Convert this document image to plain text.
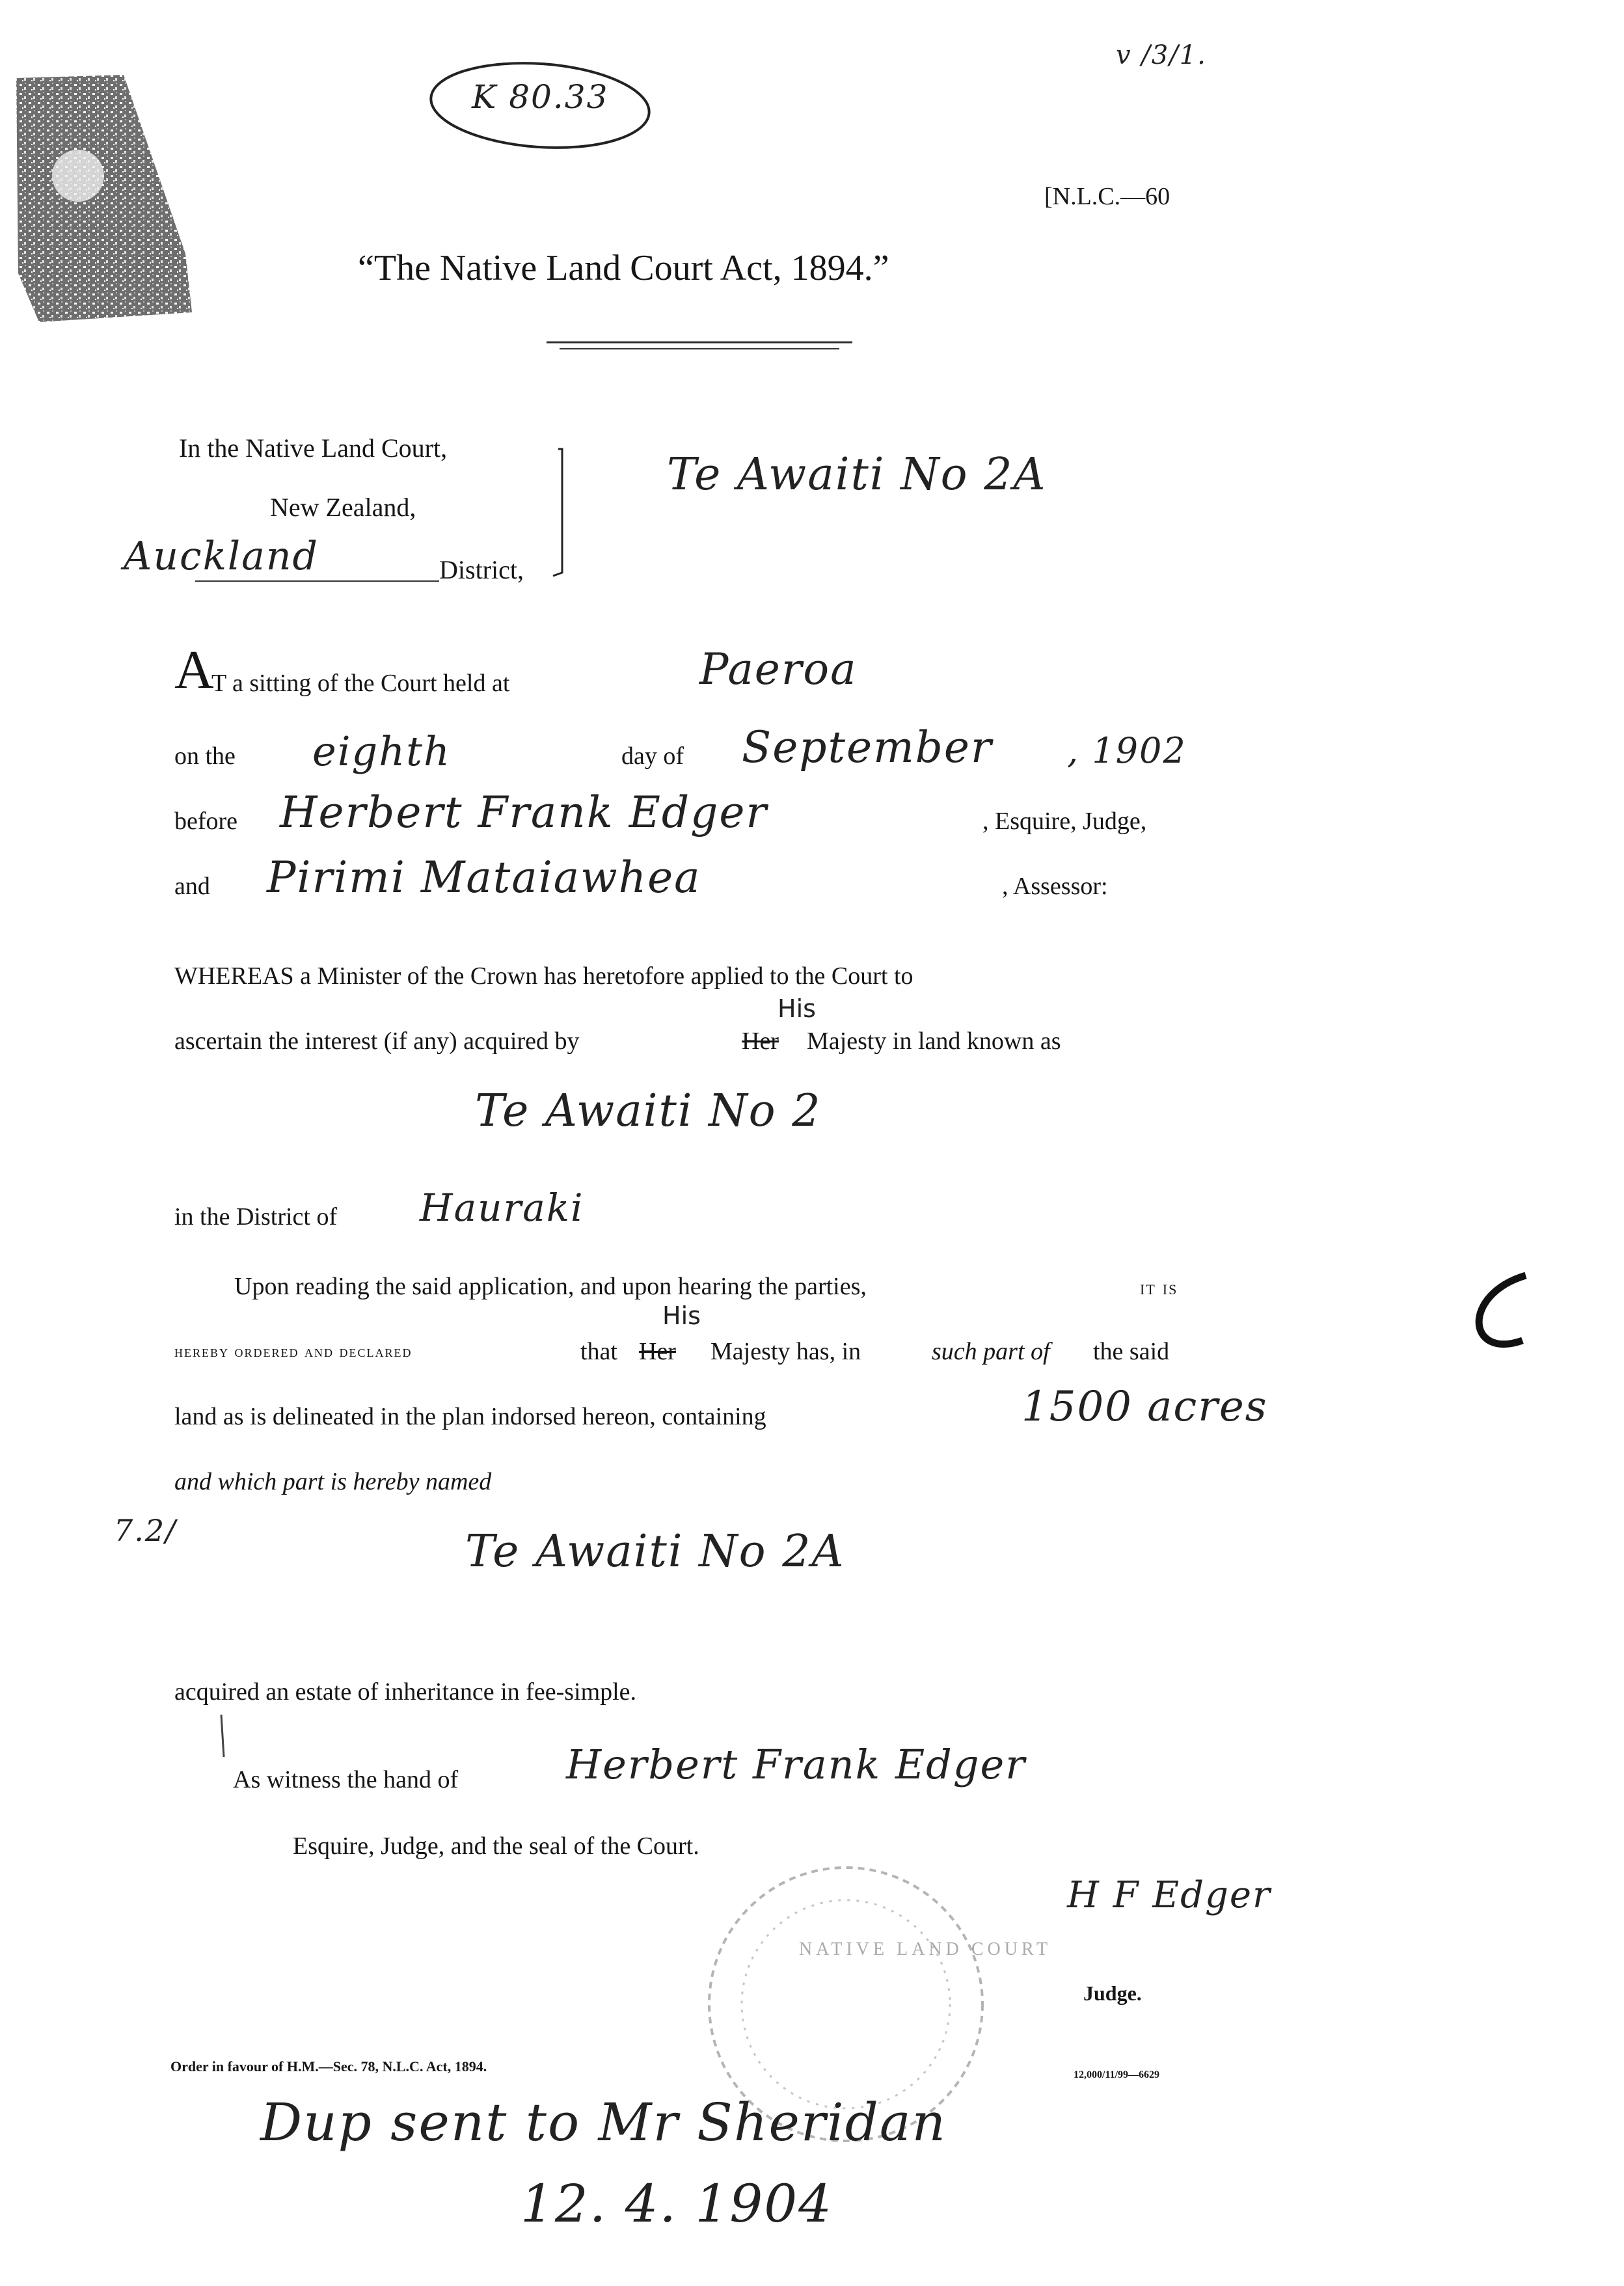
K 80.33
v /3/1.
[N.L.C.—60
“The Native Land Court Act, 1894.”
In the Native Land Court,
New Zealand,
Auckland	District,
Te Awaiti No 2A
A
T a sitting of the Court held at	Paeroa
on the eighth	day of September , 1902
before Herbert Frank Edger	, Esquire, Judge,
and Pirimi Mataiawhea	, Assessor:
WHEREAS a Minister of the Crown has heretofore applied to the Court to
ascertain the interest (if any) acquired by	Her
His
Majesty in land known as
Te Awaiti No 2
in the District of Hauraki
Upon reading the said application, and upon hearing the parties,	it is
hereby ordered and declared	that Her
His
Majesty has, in	such part of the said
land as is delineated in the plan indorsed hereon, containing	1500 acres
and which part is hereby named
7.2/	Te Awaiti No 2A
acquired an estate of inheritance in fee-simple.
As witness the hand of	Herbert Frank Edger
Esquire, Judge, and the seal of the Court.
H F Edger
NATIVE LAND COURT
Judge.
Order in favour of H.M.—Sec. 78, N.L.C. Act, 1894.
12,000/11/99—6629
Dup sent to Mr Sheridan
12. 4. 1904
